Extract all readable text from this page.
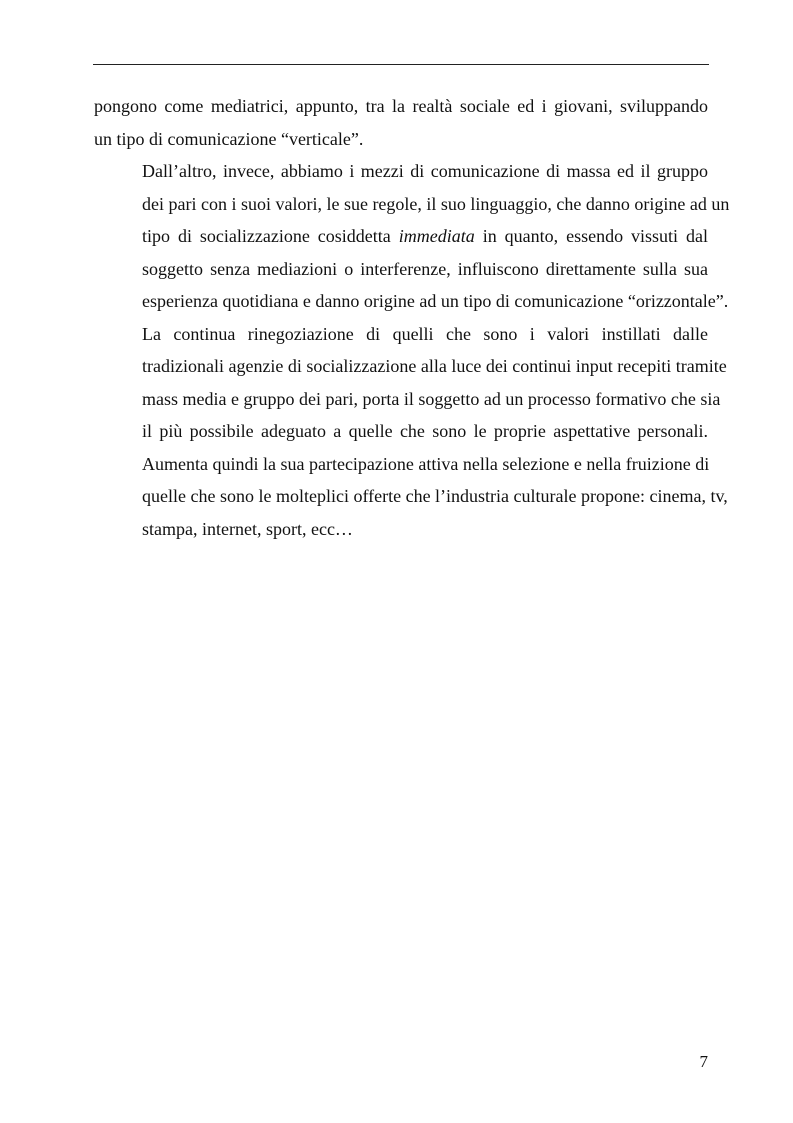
pongono come mediatrici, appunto, tra la realtà sociale ed i giovani, sviluppando
un tipo di comunicazione “verticale”.

Dall’altro, invece, abbiamo i mezzi di comunicazione di massa ed il gruppo
dei pari con i suoi valori, le sue regole, il suo linguaggio, che danno origine ad un
tipo di socializzazione cosiddetta immediata in quanto, essendo vissuti dal
soggetto senza mediazioni o interferenze, influiscono direttamente sulla sua
esperienza quotidiana e danno origine ad un tipo di comunicazione “orizzontale”.

La continua rinegoziazione di quelli che sono i valori instillati dalle
tradizionali agenzie di socializzazione alla luce dei continui input recepiti tramite
mass media e gruppo dei pari, porta il soggetto ad un processo formativo che sia
il più possibile adeguato a quelle che sono le proprie aspettative personali.
Aumenta quindi la sua partecipazione attiva nella selezione e nella fruizione di
quelle che sono le molteplici offerte che l’industria culturale propone: cinema, tv,
stampa, internet, sport, ecc…

7
